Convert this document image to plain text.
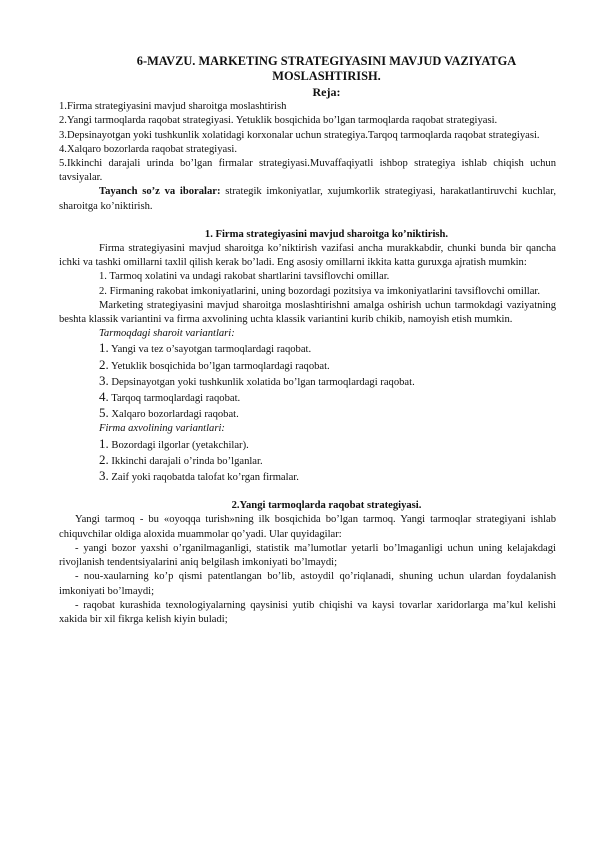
6-MAVZU. MARKETING STRATEGIYASINI MAVJUD VAZIYATGA
MOSLASHTIRISH.
Reja:

1.Firma strategiyasini mavjud sharoitga moslashtirish

2.Yangi tarmoqlarda raqobat strategiyasi. Yetuklik bosqichida bo’lgan tarmoqlarda raqobat strategiyasi.

3.Depsinayotgan yoki tushkunlik xolatidagi korxonalar uchun strategiya.Tarqoq tarmoqlarda raqobat strategiyasi.

4.Xalqaro bozorlarda raqobat strategiyasi.

5.Ikkinchi darajali urinda bo’lgan firmalar strategiyasi.Muvaffaqiyatli ishbop strategiya ishlab chiqish uchun tavsiyalar.

Tayanch so’z va iboralar: strategik imkoniyatlar, xujumkorlik strategiyasi, harakatlantiruvchi kuchlar, sharoitga ko’niktirish.

1. Firma strategiyasini mavjud sharoitga ko’niktirish.

Firma strategiyasini mavjud sharoitga ko’niktirish vazifasi ancha murakkabdir, chunki bunda bir qancha ichki va tashki omillarni taxlil qilish kerak bo’ladi. Eng asosiy omillarni ikkita katta guruxga ajratish mumkin:

1. Tarmoq xolatini va undagi rakobat shartlarini tavsiflovchi omillar.

2. Firmaning rakobat imkoniyatlarini, uning bozordagi pozitsiya va imkoniyatlarini tavsiflovchi omillar.

Marketing strategiyasini mavjud sharoitga moslashtirishni amalga oshirish uchun tarmokdagi vaziyatning beshta klassik variantini va firma axvolining uchta klassik variantini kurib chikib, namoyish etish mumkin.

Tarmoqdagi sharoit variantlari:

1. Yangi va tez o’sayotgan tarmoqlardagi raqobat.

2. Yetuklik bosqichida bo’lgan tarmoqlardagi raqobat.

3. Depsinayotgan yoki tushkunlik xolatida bo’lgan tarmoqlardagi raqobat.

4. Tarqoq tarmoqlardagi raqobat.

5. Xalqaro bozorlardagi raqobat.

Firma axvolining variantlari:

1. Bozordagi ilgorlar (yetakchilar).

2. Ikkinchi darajali o’rinda bo’lganlar.

3. Zaif yoki raqobatda talofat ko’rgan firmalar.

2.Yangi tarmoqlarda raqobat strategiyasi.

Yangi tarmoq - bu «oyoqqa turish»ning ilk bosqichida bo’lgan tarmoq. Yangi tarmoqlar strategiyani ishlab chiquvchilar oldiga aloxida muammolar qo’yadi. Ular quyidagilar:

- yangi bozor yaxshi o’rganilmaganligi, statistik ma’lumotlar yetarli bo’lmaganligi uchun uning kelajakdagi rivojlanish tendentsiyalarini aniq belgilash imkoniyati bo’lmaydi;

- nou-xaularning ko’p qismi patentlangan bo’lib, astoydil qo’riqlanadi, shuning uchun ulardan foydalanish imkoniyati bo’lmaydi;

- raqobat kurashida texnologiyalarning qaysinisi yutib chiqishi va kaysi tovarlar xaridorlarga ma’kul kelishi xakida bir xil fikrga kelish kiyin buladi;
